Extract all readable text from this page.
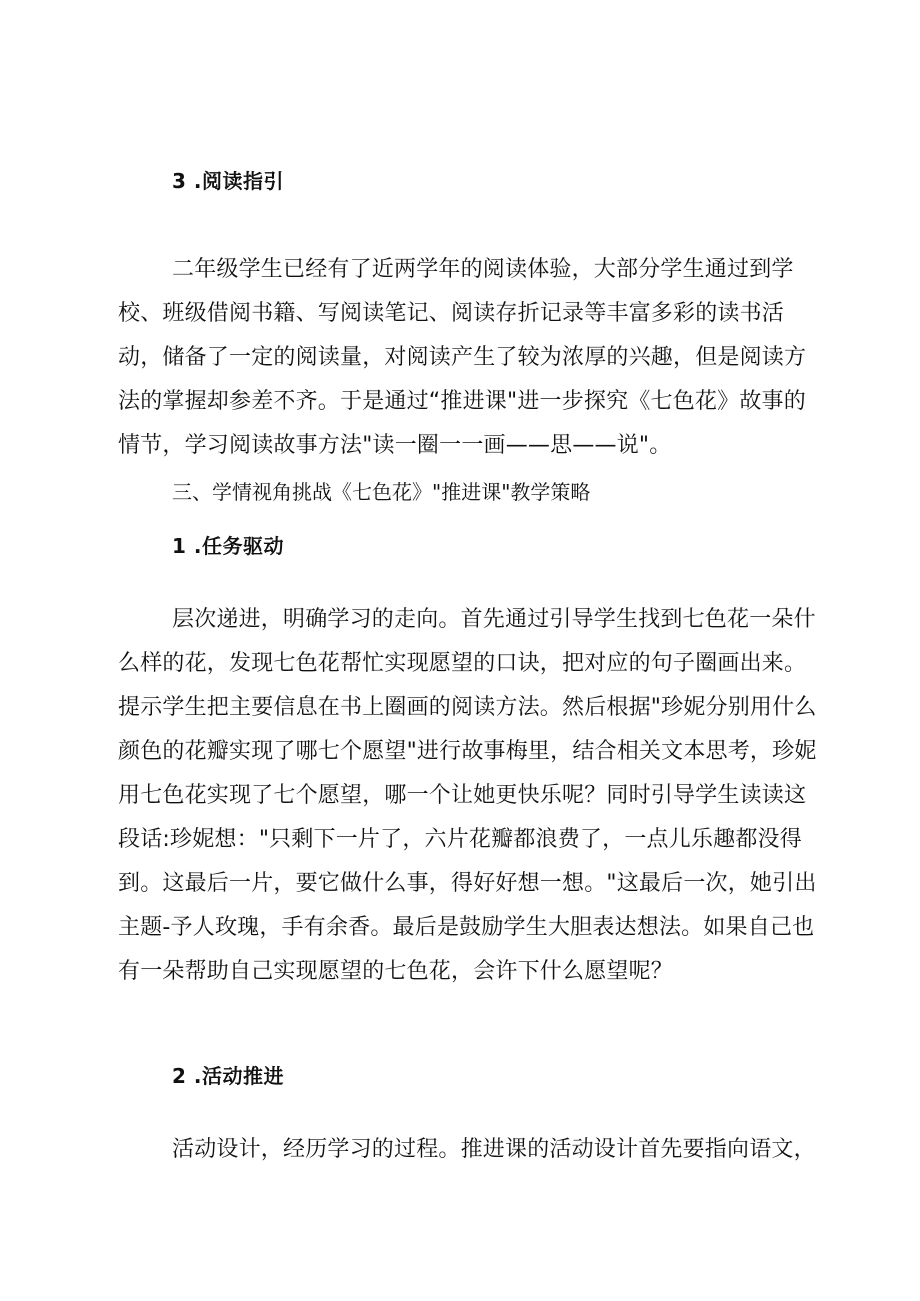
3 .阅读指引
二年级学生已经有了近两学年的阅读体验，大部分学生通过到学校、班级借阅书籍、写阅读笔记、阅读存折记录等丰富多彩的读书活动，储备了一定的阅读量，对阅读产生了较为浓厚的兴趣，但是阅读方法的掌握却参差不齐。于是通过“推进课"进一步探究《七色花》故事的情节，学习阅读故事方法"读一圈一一画——思——说"。
三、学情视角挑战《七色花》"推进课"教学策略
1 .任务驱动
层次递进，明确学习的走向。首先通过引导学生找到七色花一朵什么样的花，发现七色花帮忙实现愿望的口诀，把对应的句子圈画出来。提示学生把主要信息在书上圈画的阅读方法。然后根据"珍妮分别用什么颜色的花瓣实现了哪七个愿望"进行故事梅里，结合相关文本思考，珍妮用七色花实现了七个愿望，哪一个让她更快乐呢？同时引导学生读读这段话:珍妮想："只剩下一片了，六片花瓣都浪费了，一点儿乐趣都没得到。这最后一片，要它做什么事，得好好想一想。"这最后一次，她引出主题-予人玫瑰，手有余香。最后是鼓励学生大胆表达想法。如果自己也有一朵帮助自己实现愿望的七色花，会许下什么愿望呢？
2 .活动推进
活动设计，经历学习的过程。推进课的活动设计首先要指向语文，
